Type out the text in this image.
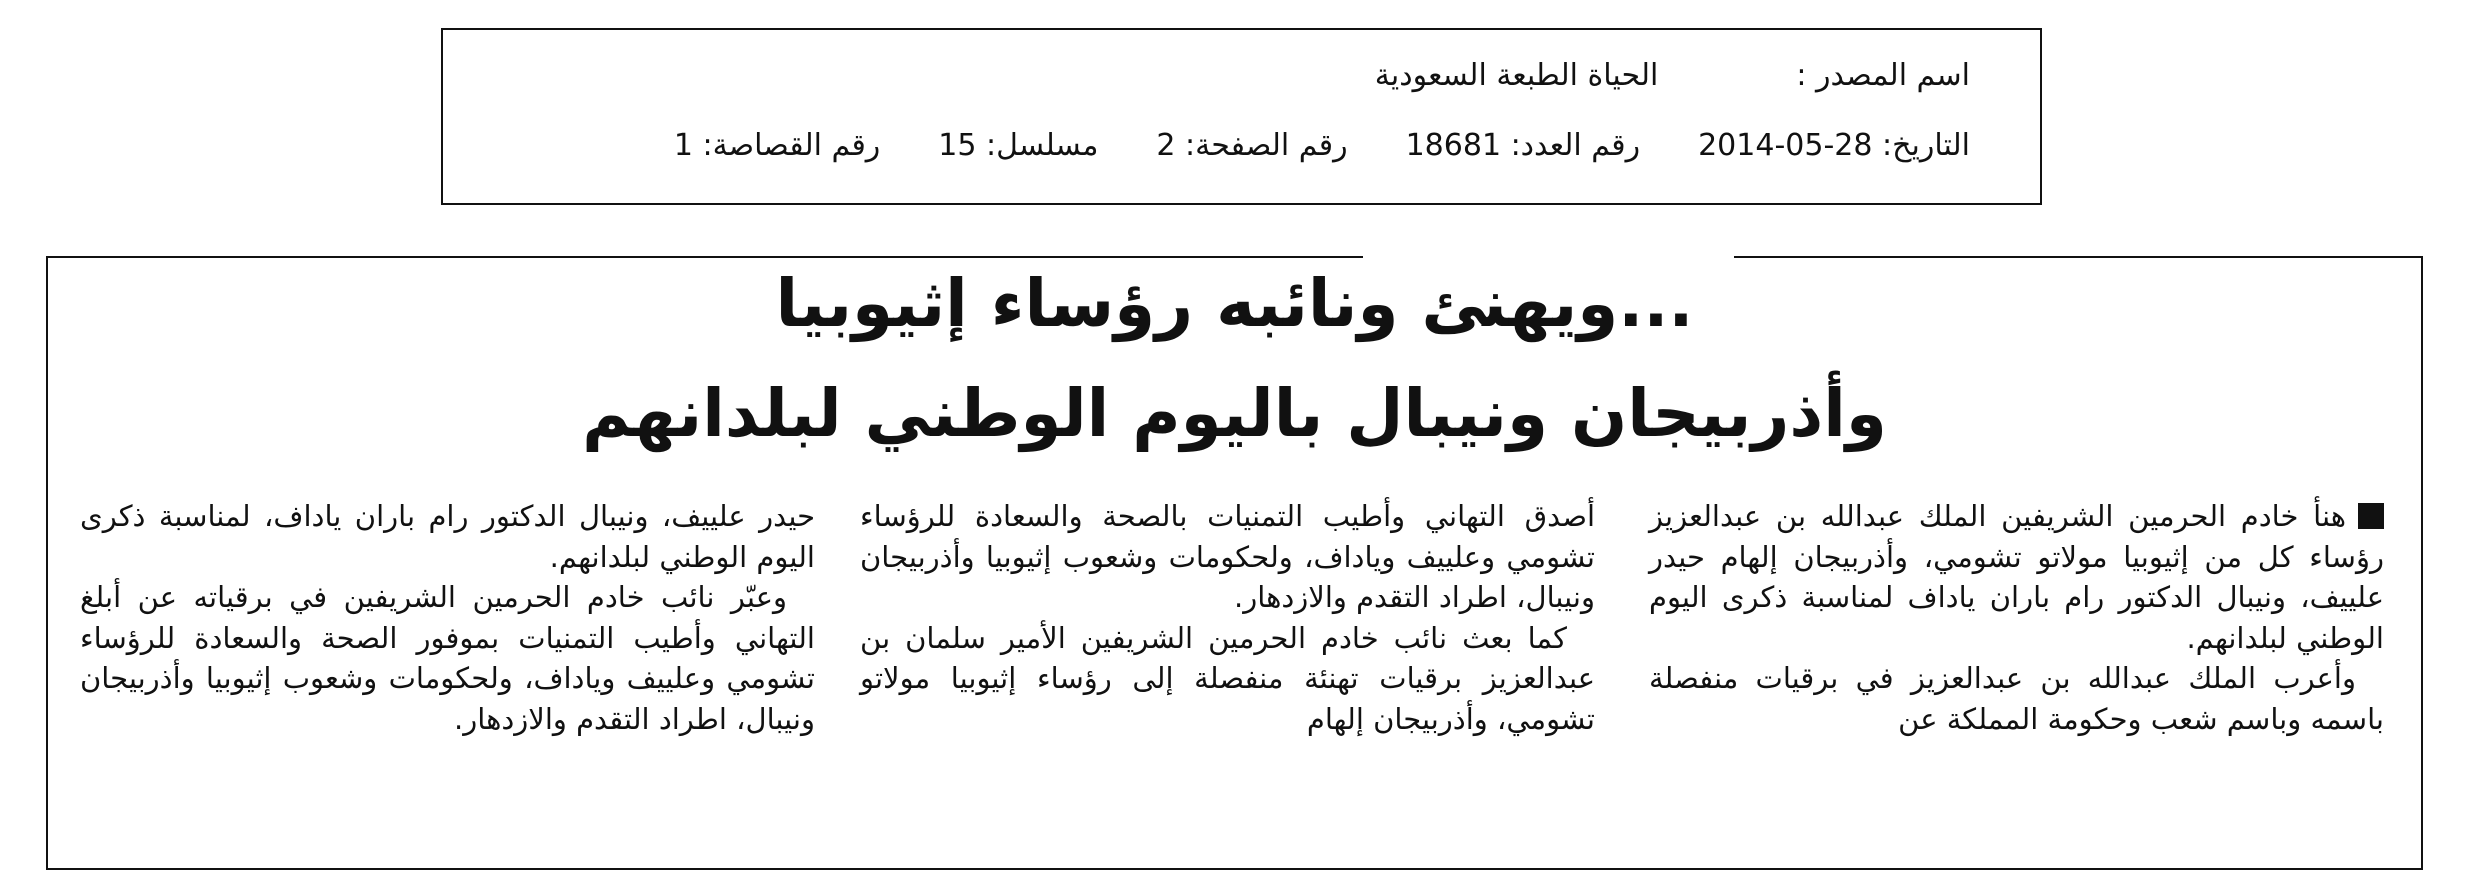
اسم المصدر :
الحياة الطبعة السعودية
التاريخ: 28-05-2014
رقم العدد: 18681
رقم الصفحة: 2
مسلسل: 15
رقم القصاصة: 1
...ويهنئ ونائبه رؤساء إثيوبيا
وأذربيجان ونيبال باليوم الوطني لبلدانهم

هنأ خادم الحرمين الشريفين الملك عبدالله بن عبدالعزيز رؤساء كل من إثيوبيا مولاتو تشومي، وأذربيجان إلهام حيدر علييف، ونيبال الدكتور رام باران ياداف لمناسبة ذكرى اليوم الوطني لبلدانهم.

وأعرب الملك عبدالله بن عبدالعزيز في برقيات منفصلة باسمه وباسم شعب وحكومة المملكة عن

أصدق التهاني وأطيب التمنيات بالصحة والسعادة للرؤساء تشومي وعلييف وياداف، ولحكومات وشعوب إثيوبيا وأذربيجان ونيبال، اطراد التقدم والازدهار.

كما بعث نائب خادم الحرمين الشريفين الأمير سلمان بن عبدالعزيز برقيات تهنئة منفصلة إلى رؤساء إثيوبيا مولاتو تشومي، وأذربيجان إلهام

حيدر علييف، ونيبال الدكتور رام باران ياداف، لمناسبة ذكرى اليوم الوطني لبلدانهم.

وعبّر نائب خادم الحرمين الشريفين في برقياته عن أبلغ التهاني وأطيب التمنيات بموفور الصحة والسعادة للرؤساء تشومي وعلييف وياداف، ولحكومات وشعوب إثيوبيا وأذربيجان ونيبال، اطراد التقدم والازدهار.
